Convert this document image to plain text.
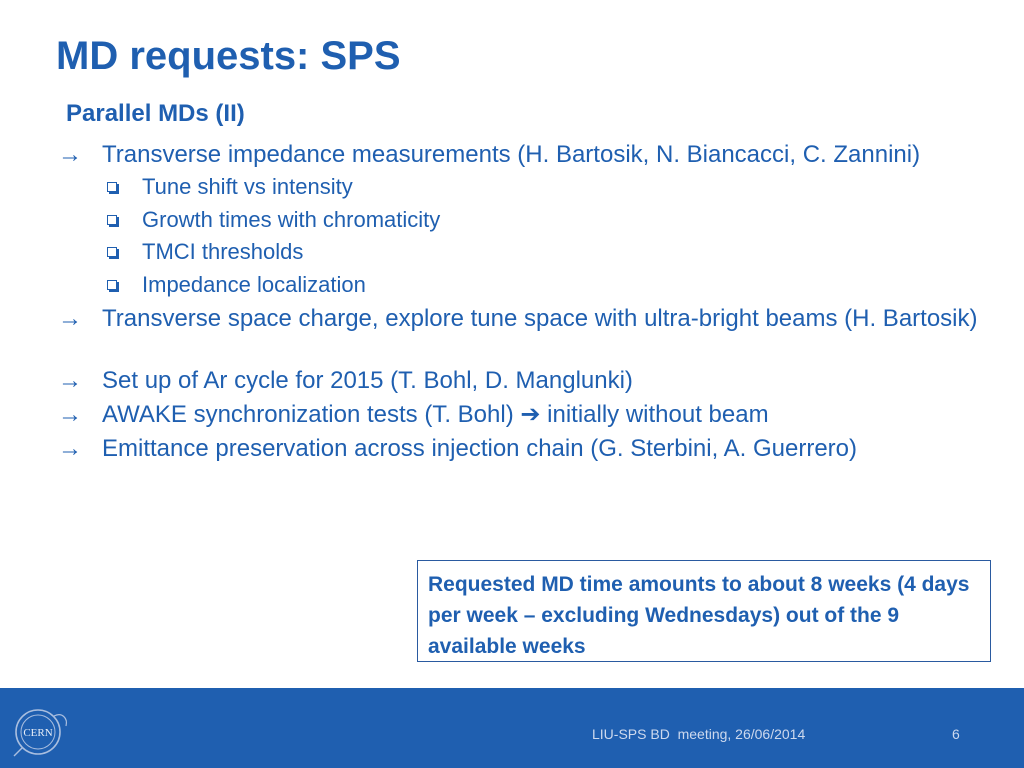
MD requests: SPS
Parallel MDs (II)
→ Transverse impedance measurements (H. Bartosik, N. Biancacci, C. Zannini)
Tune shift vs intensity
Growth times with chromaticity
TMCI thresholds
Impedance localization
→ Transverse space charge, explore tune space with ultra-bright beams (H. Bartosik)
→ Set up of Ar cycle for 2015 (T. Bohl, D. Manglunki)
→ AWAKE synchronization tests (T. Bohl) ➔ initially without beam
→ Emittance preservation across injection chain (G. Sterbini, A. Guerrero)
Requested MD time amounts to about 8 weeks (4 days per week – excluding Wednesdays) out of the 9 available weeks
CERN	LIU-SPS BD  meeting, 26/06/2014	6
